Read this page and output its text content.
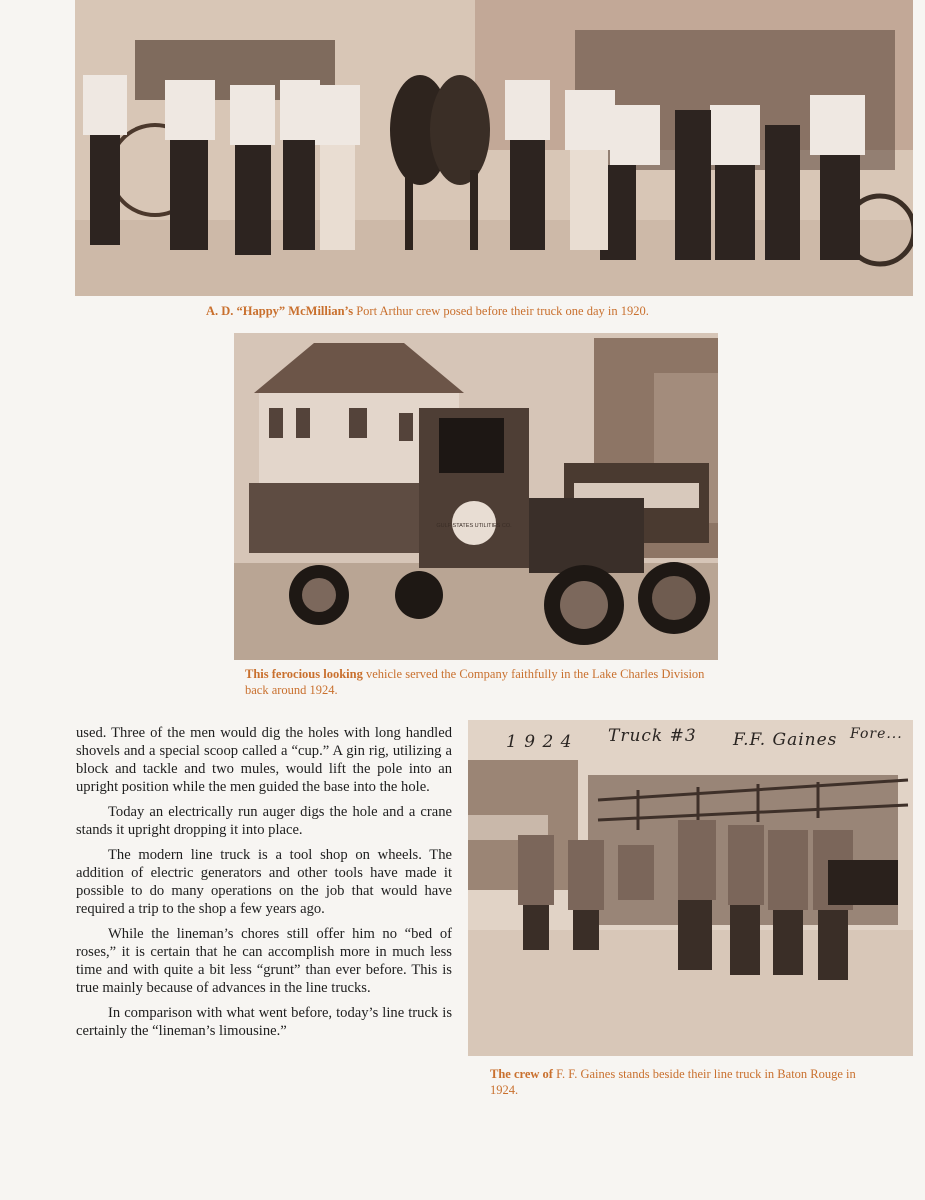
A. D. “Happy” McMillian’s Port Arthur crew posed before their truck one day in 1920.
GULF STATES UTILITIES CO.
This ferocious looking vehicle served the Company faithfully in the Lake Charles Division back around 1924.

used. Three of the men would dig the holes with long handled shovels and a special scoop called a “cup.” A gin rig, utilizing a block and tackle and two mules, would lift the pole into an upright position while the men guided the base into the hole.

Today an electrically run auger digs the hole and a crane stands it upright dropping it into place.

The modern line truck is a tool shop on wheels. The addition of electric generators and other tools have made it possible to do many operations on the job that would have required a trip to the shop a few years ago.

While the lineman’s chores still offer him no “bed of roses,” it is certain that he can accomplish more in much less time and with quite a bit less “grunt” than ever before. This is true mainly because of advances in the line trucks.

In comparison with what went before, today’s line truck is certainly the “lineman’s limousine.”

1 9 2 4 Truck #3 F.F. Gaines Fore...
The crew of F. F. Gaines stands beside their line truck in Baton Rouge in 1924.
